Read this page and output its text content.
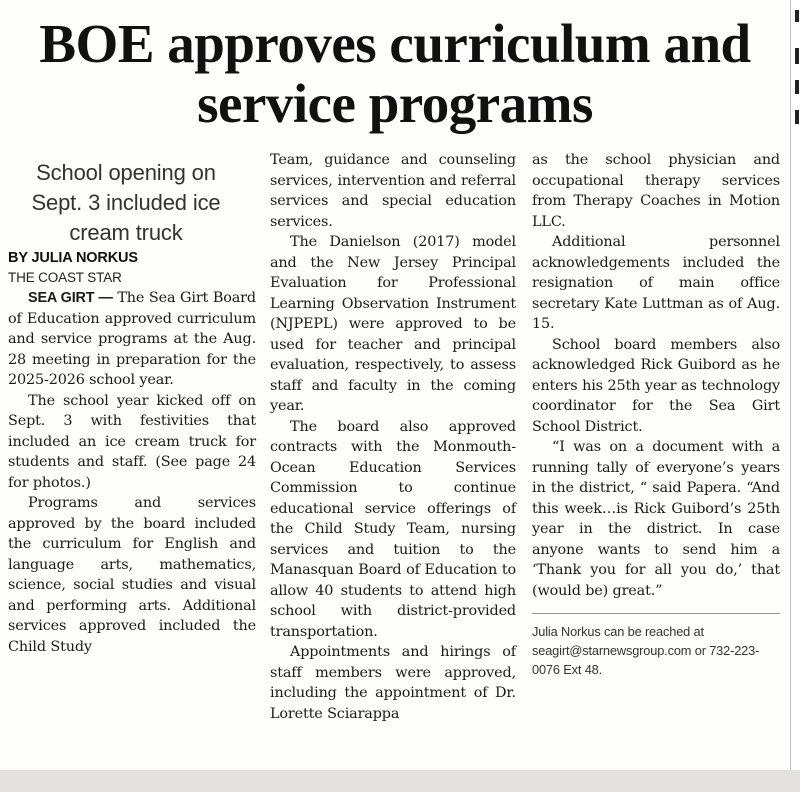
BOE approves curriculum and service programs

School opening on Sept. 3 included ice cream truck

BY JULIA NORKUS

THE COAST STAR

SEA GIRT — The Sea Girt Board of Education approved curriculum and service programs at the Aug. 28 meeting in preparation for the 2025-2026 school year.

The school year kicked off on Sept. 3 with festivities that included an ice cream truck for students and staff. (See page 24 for photos.)

Programs and services approved by the board included the curriculum for English and language arts, mathematics, science, social studies and visual and performing arts. Additional services approved included the Child Study

Team, guidance and counseling services, intervention and referral services and special education services.

The Danielson (2017) model and the New Jersey Principal Evaluation for Professional Learning Observation Instrument (NJPEPL) were approved to be used for teacher and principal evaluation, respectively, to assess staff and faculty in the coming year.

The board also approved contracts with the Monmouth-Ocean Education Services Commission to continue educational service offerings of the Child Study Team, nursing services and tuition to the Manasquan Board of Education to allow 40 students to attend high school with district-provided transportation.

Appointments and hirings of staff members were approved, including the appointment of Dr. Lorette Sciarappa

as the school physician and occupational therapy services from Therapy Coaches in Motion LLC.

Additional personnel acknowledgements included the resignation of main office secretary Kate Luttman as of Aug. 15.

School board members also acknowledged Rick Guibord as he enters his 25th year as technology coordinator for the Sea Girt School District.

“I was on a document with a running tally of everyone’s years in the district, “ said Papera. “And this week…is Rick Guibord’s 25th year in the district. In case anyone wants to send him a ‘Thank you for all you do,’ that (would be) great.”

Julia Norkus can be reached at seagirt@starnewsgroup.com or 732-223-0076 Ext 48.
